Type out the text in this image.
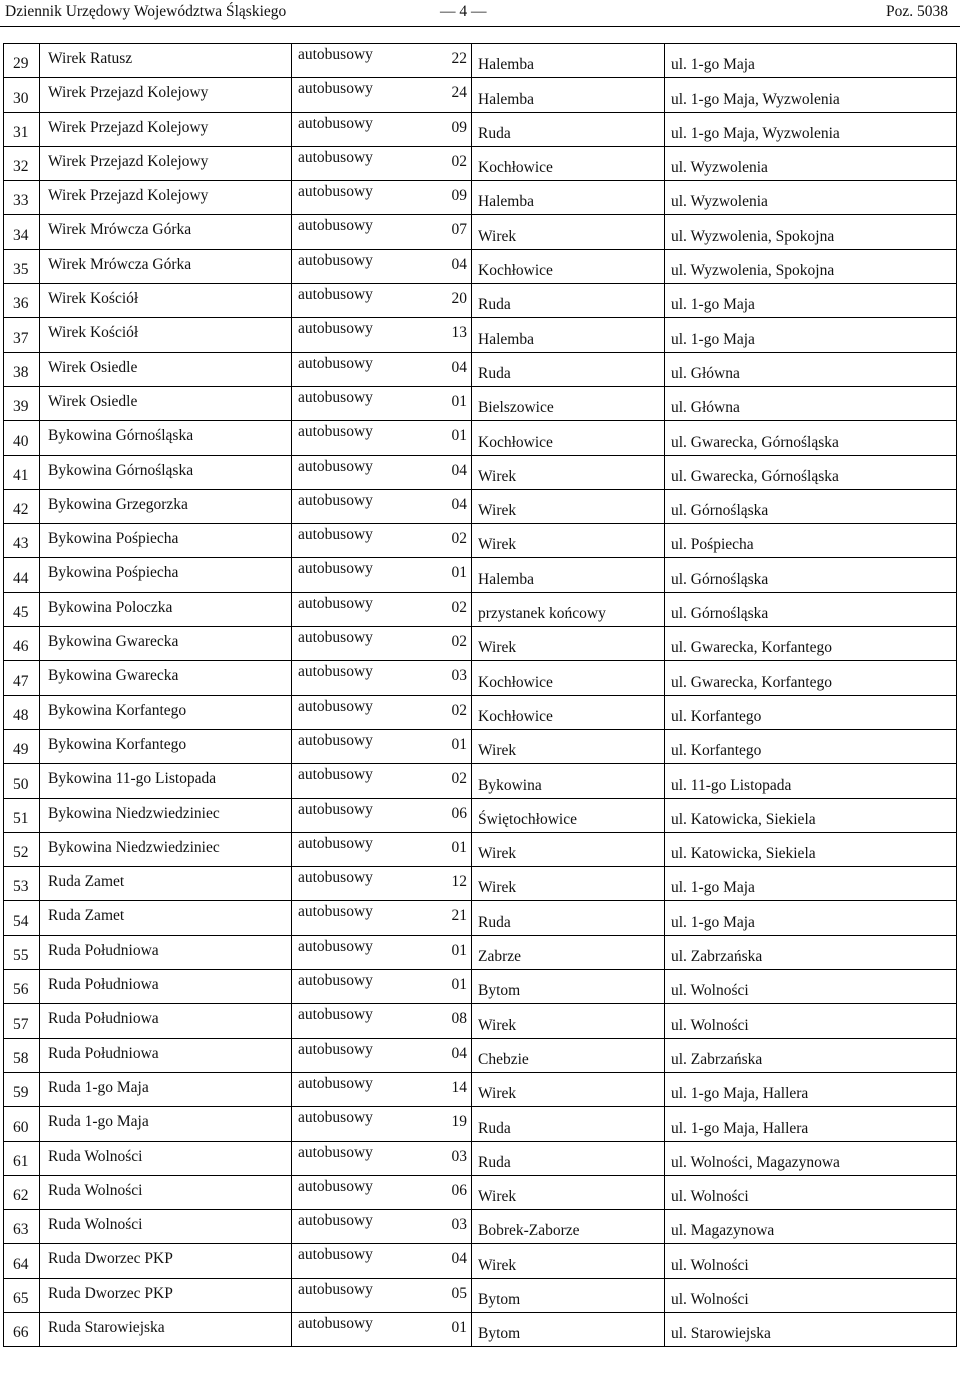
Dziennik Urzędowy Województwa Śląskiego	— 4 —	Poz. 5038
29	Wirek Ratusz	autobusowy 22	Halemba	ul. 1-go Maja

30	Wirek Przejazd Kolejowy	autobusowy 24	Halemba	ul. 1-go Maja, Wyzwolenia

31	Wirek Przejazd Kolejowy	autobusowy 09	Ruda	ul. 1-go Maja, Wyzwolenia

32	Wirek Przejazd Kolejowy	autobusowy 02	Kochłowice	ul. Wyzwolenia

33	Wirek Przejazd Kolejowy	autobusowy 09	Halemba	ul. Wyzwolenia

34	Wirek Mrówcza Górka	autobusowy 07	Wirek	ul. Wyzwolenia, Spokojna

35	Wirek Mrówcza Górka	autobusowy 04	Kochłowice	ul. Wyzwolenia, Spokojna

36	Wirek Kościół	autobusowy 20	Ruda	ul. 1-go Maja

37	Wirek Kościół	autobusowy 13	Halemba	ul. 1-go Maja

38	Wirek Osiedle	autobusowy 04	Ruda	ul. Główna

39	Wirek Osiedle	autobusowy 01	Bielszowice	ul. Główna

40	Bykowina Górnośląska	autobusowy 01	Kochłowice	ul. Gwarecka, Górnośląska

41	Bykowina Górnośląska	autobusowy 04	Wirek	ul. Gwarecka, Górnośląska

42	Bykowina Grzegorzka	autobusowy 04	Wirek	ul. Górnośląska

43	Bykowina Pośpiecha	autobusowy 02	Wirek	ul. Pośpiecha

44	Bykowina Pośpiecha	autobusowy 01	Halemba	ul. Górnośląska

45	Bykowina Poloczka	autobusowy 02	przystanek końcowy	ul. Górnośląska

46	Bykowina Gwarecka	autobusowy 02	Wirek	ul. Gwarecka, Korfantego

47	Bykowina Gwarecka	autobusowy 03	Kochłowice	ul. Gwarecka, Korfantego

48	Bykowina Korfantego	autobusowy 02	Kochłowice	ul. Korfantego

49	Bykowina Korfantego	autobusowy 01	Wirek	ul. Korfantego

50	Bykowina 11-go Listopada	autobusowy 02	Bykowina	ul. 11-go Listopada

51	Bykowina Niedzwiedziniec	autobusowy 06	Świętochłowice	ul. Katowicka, Siekiela

52	Bykowina Niedzwiedziniec	autobusowy 01	Wirek	ul. Katowicka, Siekiela

53	Ruda Zamet	autobusowy 12	Wirek	ul. 1-go Maja

54	Ruda Zamet	autobusowy 21	Ruda	ul. 1-go Maja

55	Ruda Południowa	autobusowy 01	Zabrze	ul. Zabrzańska

56	Ruda Południowa	autobusowy 01	Bytom	ul. Wolności

57	Ruda Południowa	autobusowy 08	Wirek	ul. Wolności

58	Ruda Południowa	autobusowy 04	Chebzie	ul. Zabrzańska

59	Ruda 1-go Maja	autobusowy 14	Wirek	ul. 1-go Maja, Hallera

60	Ruda 1-go Maja	autobusowy 19	Ruda	ul. 1-go Maja, Hallera

61	Ruda Wolności	autobusowy 03	Ruda	ul. Wolności, Magazynowa

62	Ruda Wolności	autobusowy 06	Wirek	ul. Wolności

63	Ruda Wolności	autobusowy 03	Bobrek-Zaborze	ul. Magazynowa

64	Ruda Dworzec PKP	autobusowy 04	Wirek	ul. Wolności

65	Ruda Dworzec PKP	autobusowy 05	Bytom	ul. Wolności

66	Ruda Starowiejska	autobusowy 01	Bytom	ul. Starowiejska
